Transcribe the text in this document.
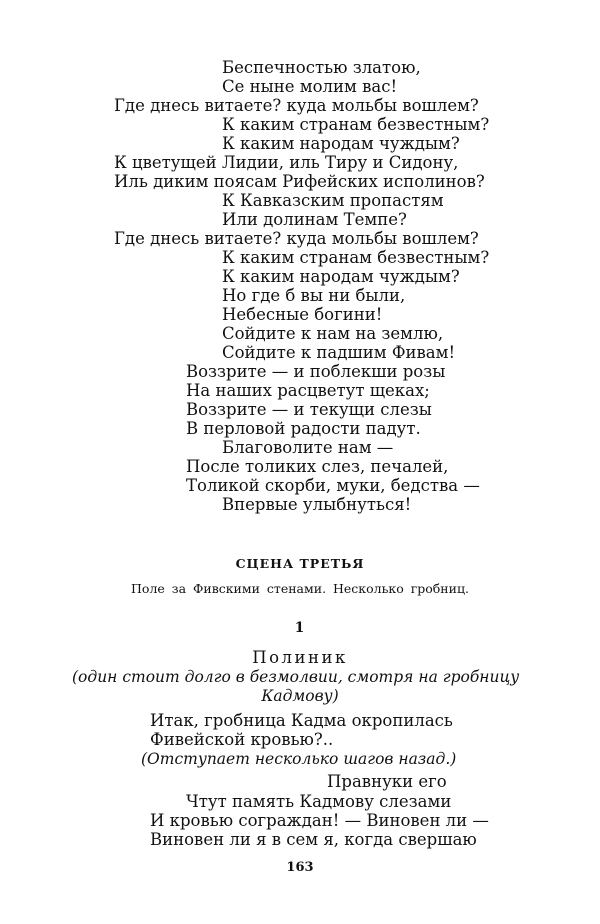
Беспечностью златою,
Се ныне молим вас!
Где днесь витаете? куда мольбы вошлем?
К каким странам безвестным?
К каким народам чуждым?
К цветущей Лидии, иль Тиру и Сидону,
Иль диким поясам Рифейских исполинов?
К Кавказским пропастям
Или долинам Темпе?
Где днесь витаете? куда мольбы вошлем?
К каким странам безвестным?
К каким народам чуждым?
Но где б вы ни были,
Небесные богини!
Сойдите к нам на землю,
Сойдите к падшим Фивам!
Воззрите — и поблекши розы
На наших расцветут щеках;
Воззрите — и текущи слезы
В перловой радости падут.
Благоволите нам —
После толиких слез, печалей,
Толикой скорби, муки, бедства —
Впервые улыбнуться!
СЦЕНА ТРЕТЬЯ
Поле за Фивскими стенами. Несколько гробниц.
1
Полиник
(один стоит долго в безмолвии, смотря на гробницу
Кадмову)
Итак, гробница Кадма окропилась
Фивейской кровью?..
(Отступает несколько шагов назад.)
Правнуки его
Чтут память Кадмову слезами
И кровью сограждан! — Виновен ли —
Виновен ли я в сем я, когда свершаю
163
